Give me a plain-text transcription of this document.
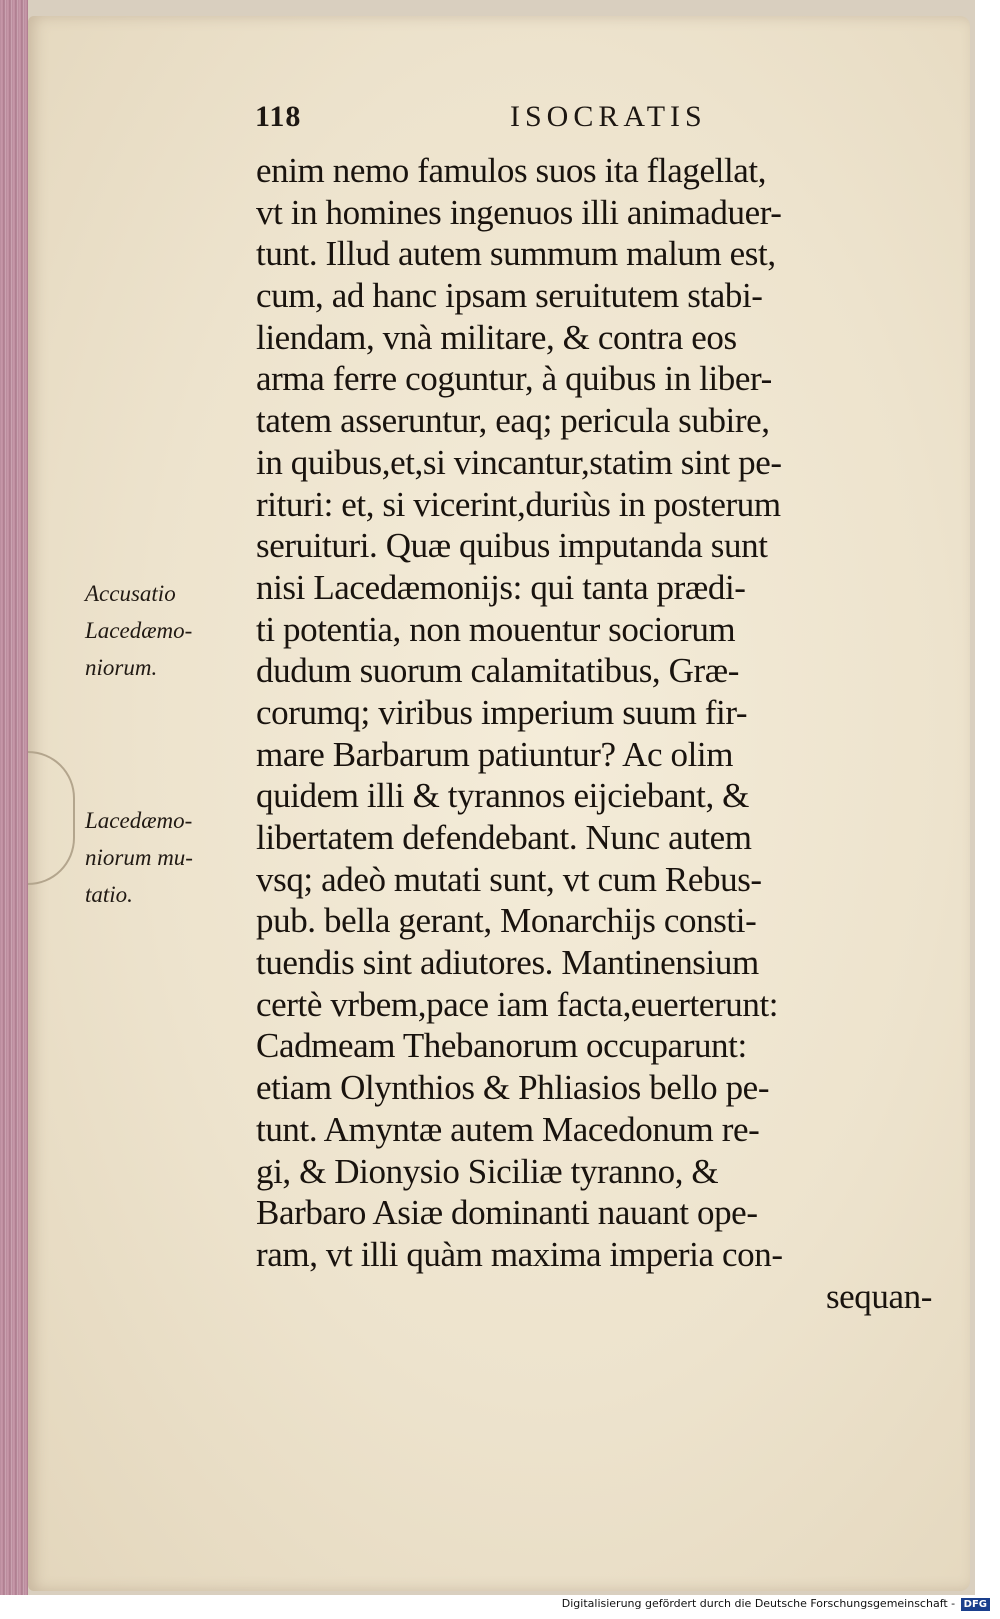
118	ISOCRATIS
Accusatio
Lacedæmo-
niorum.
Lacedæmo-
niorum mu-
tatio.
enim nemo famulos suos ita flagellat,
vt in homines ingenuos illi animaduer-
tunt. Illud autem summum malum est,
cum, ad hanc ipsam seruitutem stabi-
liendam, vnà militare, & contra eos
arma ferre coguntur, à quibus in liber-
tatem asseruntur, eaq; pericula subire,
in quibus,et,si vincantur,statim sint pe-
rituri: et, si vicerint,duriùs in posterum
seruituri. Quæ quibus imputanda sunt
nisi Lacedæmonijs: qui tanta prædi-
ti potentia, non mouentur sociorum
dudum suorum calamitatibus, Græ-
corumq; viribus imperium suum fir-
mare Barbarum patiuntur? Ac olim
quidem illi & tyrannos eijciebant, &
libertatem defendebant. Nunc autem
vsq; adeò mutati sunt, vt cum Rebus-
pub. bella gerant, Monarchijs consti-
tuendis sint adiutores. Mantinensium
certè vrbem,pace iam facta,euerterunt:
Cadmeam Thebanorum occuparunt:
etiam Olynthios & Phliasios bello pe-
tunt. Amyntæ autem Macedonum re-
gi, & Dionysio Siciliæ tyranno, &
Barbaro Asiæ dominanti nauant ope-
ram, vt illi quàm maxima imperia con-
sequan-
Digitalisierung gefördert durch die Deutsche Forschungsgemeinschaft - DFG
